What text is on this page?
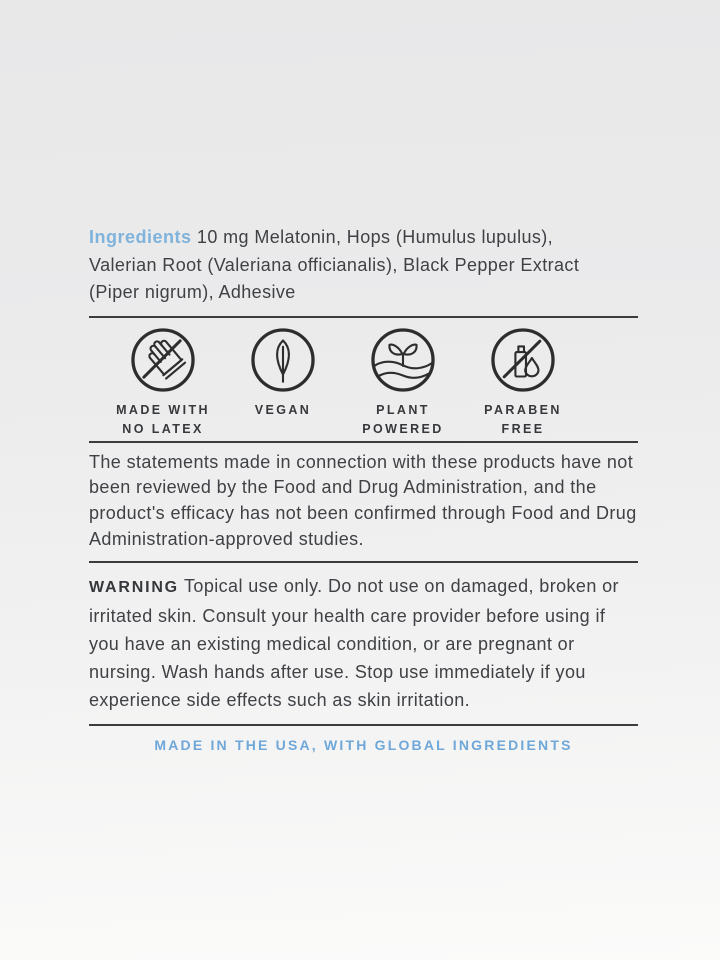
Ingredients 10 mg Melatonin, Hops (Humulus lupulus),
Valerian Root (Valeriana officianalis), Black Pepper Extract
(Piper nigrum), Adhesive

MADE WITH
NO LATEX
VEGAN	PLANT
POWERED
PARABEN
FREE

The statements made in connection with these products have not
been reviewed by the Food and Drug Administration, and the
product's efficacy has not been confirmed through Food and Drug
Administration-approved studies.

WARNING Topical use only. Do not use on damaged, broken or
irritated skin. Consult your health care provider before using if
you have an existing medical condition, or are pregnant or
nursing. Wash hands after use. Stop use immediately if you
experience side effects such as skin irritation.

MADE IN THE USA, WITH GLOBAL INGREDIENTS
